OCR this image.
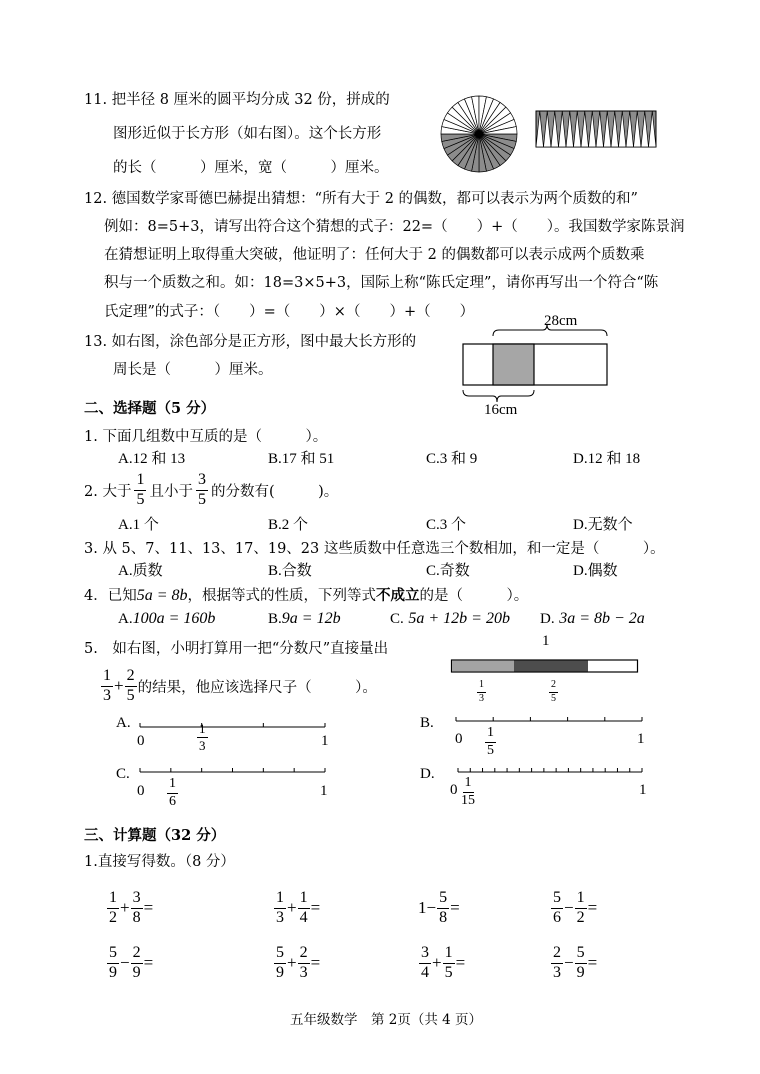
11. 把半径 8 厘米的圆平均分成 32 份，拼成的
图形近似于长方形（如右图）。这个长方形
的长（　　　）厘米，宽（　　　）厘米。
12. 德国数学家哥德巴赫提出猜想：“所有大于 2 的偶数，都可以表示为两个质数的和”
例如：8=5+3，请写出符合这个猜想的式子：22=（　　）+（　　）。我国数学家陈景润
在猜想证明上取得重大突破，他证明了：任何大于 2 的偶数都可以表示成两个质数乘
积与一个质数之和。如：18=3×5+3，国际上称“陈氏定理”，请你再写出一个符合“陈
氏定理”的式子：（　　）=（　　）×（　　）+（　　）
13. 如右图，涂色部分是正方形，图中最大长方形的
周长是（　　　）厘米。
28cm
16cm
二、选择题（5 分）
1. 下面几组数中互质的是（　　　）。
A.12 和 13	B.17 和 51	C.3 和 9	D.12 和 18
2. 大于 $\frac{1}{5}$ 且小于 $\frac{3}{5}$ 的分数有(　　　)。
A.1 个	B.2 个	C.3 个	D.无数个
3. 从 5、7、11、13、17、19、23 这些质数中任意选三个数相加，和一定是（　　　）。
A.质数	B.合数	C.奇数	D.偶数
4．已知5a = 8b，根据等式的性质，下列等式不成立的是（　　　）。
A.100a = 160b	B.9a = 12b	C. 5a + 12b = 20b D. 3a = 8b − 2a
5.　如右图，小明打算用一把“分数尺”直接量出
$\frac{1}{3} + \frac{2}{5}$ 的结果，他应该选择尺子（　　　）。
1
$\frac{1}{3}$	$\frac{2}{5}$
A.
0	$\frac{1}{3}$	1
B.
$0 \frac{1}{5}$	1
C.
$0 \frac{1}{6}$	1
D.
$0 \frac{1}{15}$	1
三、计算题（32 分）
1.直接写得数。（8 分）
$\frac{1}{2} + \frac{3}{8}$ =	$\frac{1}{3} + \frac{1}{4}$ =	$1 - \frac{5}{8}$ =	$\frac{5}{6} - \frac{1}{2}$ =
$\frac{5}{9} - \frac{2}{9}$ =	$\frac{5}{9} + \frac{2}{3}$ =	$\frac{3}{4} + \frac{1}{5}$ =	$\frac{2}{3} - \frac{5}{9}$ =
五年级数学　第 2页（共 4 页）
